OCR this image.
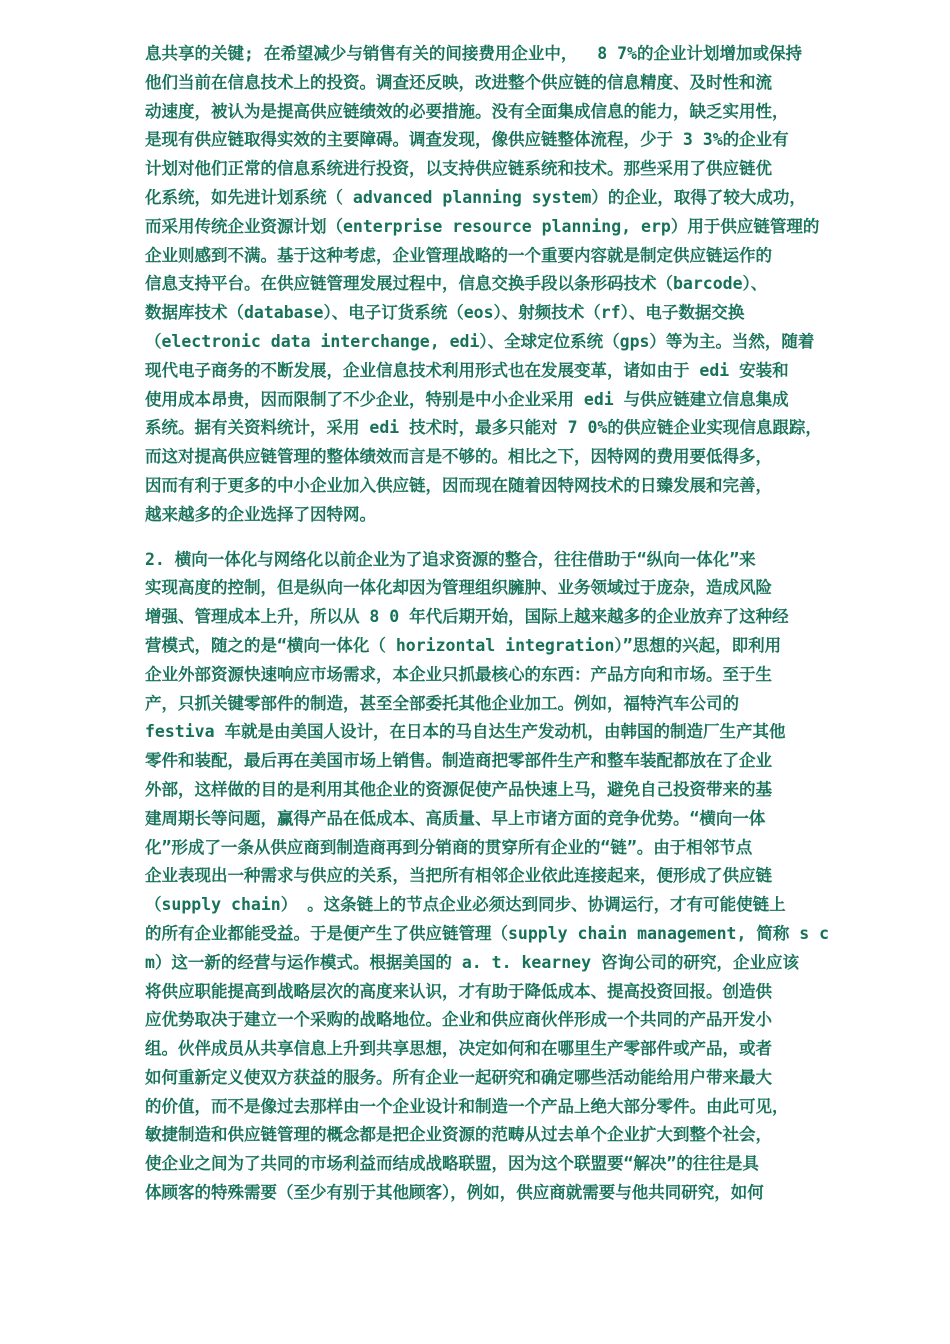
息共享的关键; 在希望减少与销售有关的间接费用企业中，  8 7%的企业计划增加或保持
他们当前在信息技术上的投资。调查还反映，改进整个供应链的信息精度、及时性和流
动速度，被认为是提高供应链绩效的必要措施。没有全面集成信息的能力，缺乏实用性，
是现有供应链取得实效的主要障碍。调查发现，像供应链整体流程，少于 3 3%的企业有
计划对他们正常的信息系统进行投资，以支持供应链系统和技术。那些采用了供应链优
化系统，如先进计划系统（ advanced planning system）的企业，取得了较大成功，
而采用传统企业资源计划（enterprise resource planning, erp）用于供应链管理的
企业则感到不满。基于这种考虑，企业管理战略的一个重要内容就是制定供应链运作的
信息支持平台。在供应链管理发展过程中，信息交换手段以条形码技术（barcode）、
数据库技术（database）、电子订货系统（eos）、射频技术（rf）、电子数据交换
（electronic data interchange, edi）、全球定位系统（gps）等为主。当然，随着
现代电子商务的不断发展，企业信息技术利用形式也在发展变革，诸如由于 edi 安装和
使用成本昂贵，因而限制了不少企业，特别是中小企业采用 edi 与供应链建立信息集成
系统。据有关资料统计，采用 edi 技术时，最多只能对 7 0%的供应链企业实现信息跟踪，
而这对提高供应链管理的整体绩效而言是不够的。相比之下，因特网的费用要低得多，
因而有利于更多的中小企业加入供应链，因而现在随着因特网技术的日臻发展和完善，
越来越多的企业选择了因特网。
2. 横向一体化与网络化以前企业为了追求资源的整合，往往借助于“纵向一体化”来
实现高度的控制，但是纵向一体化却因为管理组织臃肿、业务领域过于庞杂，造成风险
增强、管理成本上升，所以从 8 0 年代后期开始，国际上越来越多的企业放弃了这种经
营模式，随之的是“横向一体化（ horizontal integration）”思想的兴起，即利用
企业外部资源快速响应市场需求，本企业只抓最核心的东西：产品方向和市场。至于生
产，只抓关键零部件的制造，甚至全部委托其他企业加工。例如，福特汽车公司的
festiva 车就是由美国人设计，在日本的马自达生产发动机，由韩国的制造厂生产其他
零件和装配，最后再在美国市场上销售。制造商把零部件生产和整车装配都放在了企业
外部，这样做的目的是利用其他企业的资源促使产品快速上马，避免自己投资带来的基
建周期长等问题，赢得产品在低成本、高质量、早上市诸方面的竞争优势。“横向一体
化”形成了一条从供应商到制造商再到分销商的贯穿所有企业的“链”。由于相邻节点
企业表现出一种需求与供应的关系，当把所有相邻企业依此连接起来，便形成了供应链
（supply chain） 。这条链上的节点企业必须达到同步、协调运行，才有可能使链上
的所有企业都能受益。于是便产生了供应链管理（supply chain management, 简称 s c
m）这一新的经营与运作模式。根据美国的 a. t. kearney 咨询公司的研究，企业应该
将供应职能提高到战略层次的高度来认识，才有助于降低成本、提高投资回报。创造供
应优势取决于建立一个采购的战略地位。企业和供应商伙伴形成一个共同的产品开发小
组。伙伴成员从共享信息上升到共享思想，决定如何和在哪里生产零部件或产品，或者
如何重新定义使双方获益的服务。所有企业一起研究和确定哪些活动能给用户带来最大
的价值，而不是像过去那样由一个企业设计和制造一个产品上绝大部分零件。由此可见，
敏捷制造和供应链管理的概念都是把企业资源的范畴从过去单个企业扩大到整个社会，
使企业之间为了共同的市场利益而结成战略联盟，因为这个联盟要“解决”的往往是具
体顾客的特殊需要（至少有别于其他顾客），例如，供应商就需要与他共同研究，如何
